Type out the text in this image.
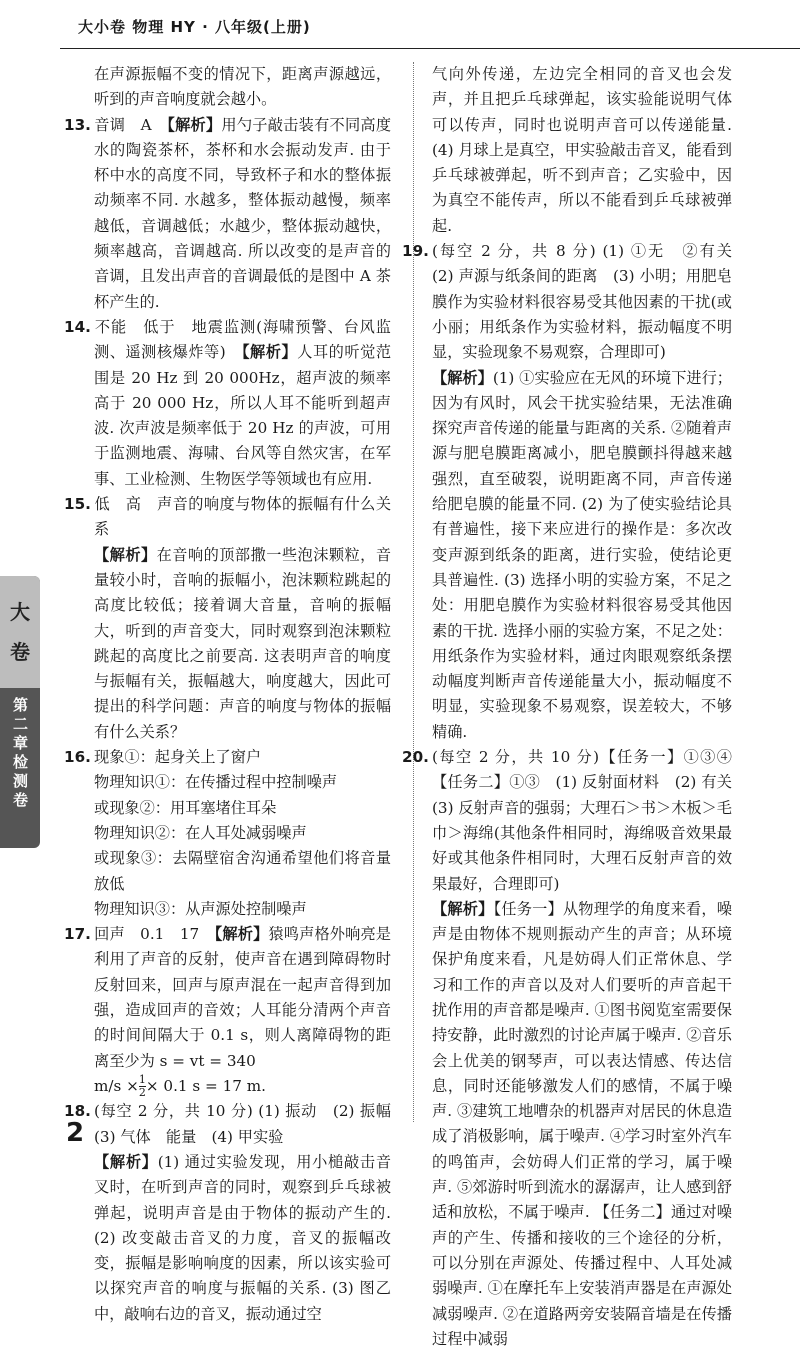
大小卷 物理 HY · 八年级(上册)
大
卷
第二章检测卷

在声源振幅不变的情况下，距离声源越远，听到的声音响度就会越小。

13. 音调　A　【解析】用勺子敲击装有不同高度水的陶瓷茶杯，茶杯和水会振动发声. 由于杯中水的高度不同，导致杯子和水的整体振动频率不同. 水越多，整体振动越慢，频率越低，音调越低；水越少，整体振动越快，频率越高，音调越高. 所以改变的是声音的音调，且发出声音的音调最低的是图中 A 茶杯产生的.

14. 不能　低于　地震监测(海啸预警、台风监测、遥测核爆炸等)　【解析】人耳的听觉范围是 20 Hz 到 20 000Hz，超声波的频率高于 20 000 Hz，所以人耳不能听到超声波. 次声波是频率低于 20 Hz 的声波，可用于监测地震、海啸、台风等自然灾害，在军事、工业检测、生物医学等领域也有应用.

15. 低　高　声音的响度与物体的振幅有什么关系
【解析】在音响的顶部撒一些泡沫颗粒，音量较小时，音响的振幅小，泡沫颗粒跳起的高度比较低；接着调大音量，音响的振幅大，听到的声音变大，同时观察到泡沫颗粒跳起的高度比之前要高. 这表明声音的响度与振幅有关，振幅越大，响度越大，因此可提出的科学问题：声音的响度与物体的振幅有什么关系？

16. 现象①：起身关上了窗户
物理知识①：在传播过程中控制噪声
或现象②：用耳塞堵住耳朵
物理知识②：在人耳处减弱噪声
或现象③：去隔壁宿舍沟通希望他们将音量放低
物理知识③：从声源处控制噪声

17. 回声　0.1　17　【解析】猿鸣声格外响亮是利用了声音的反射，使声音在遇到障碍物时反射回来，回声与原声混在一起声音得到加强，造成回声的音效；人耳能分清两个声音的时间间隔大于 0.1 s，则人离障碍物的距离至少为 s = vt = 340
$m/s \times \frac{1}{2} \times 0.1$ s = 17 m.

18. (每空 2 分，共 10 分) (1) 振动　(2) 振幅　(3) 气体　能量　(4) 甲实验
【解析】(1) 通过实验发现，用小槌敲击音叉时，在听到声音的同时，观察到乒乓球被弹起，说明声音是由于物体的振动产生的. (2) 改变敲击音叉的力度，音叉的振幅改变，振幅是影响响度的因素，所以该实验可以探究声音的响度与振幅的关系. (3) 图乙中，敲响右边的音叉，振动通过空

气向外传递，左边完全相同的音叉也会发声，并且把乒乓球弹起，该实验能说明气体可以传声，同时也说明声音可以传递能量. (4) 月球上是真空，甲实验敲击音叉，能看到乒乓球被弹起，听不到声音；乙实验中，因为真空不能传声，所以不能看到乒乓球被弹起.

19. (每空 2 分，共 8 分) (1) ①无　②有关　(2) 声源与纸条间的距离　(3) 小明；用肥皂膜作为实验材料很容易受其他因素的干扰(或小丽；用纸条作为实验材料，振动幅度不明显，实验现象不易观察，合理即可)
【解析】(1) ①实验应在无风的环境下进行；因为有风时，风会干扰实验结果，无法准确探究声音传递的能量与距离的关系. ②随着声源与肥皂膜距离减小，肥皂膜颤抖得越来越强烈，直至破裂，说明距离不同，声音传递给肥皂膜的能量不同. (2) 为了使实验结论具有普遍性，接下来应进行的操作是：多次改变声源到纸条的距离，进行实验，使结论更具普遍性. (3) 选择小明的实验方案，不足之处：用肥皂膜作为实验材料很容易受其他因素的干扰. 选择小丽的实验方案，不足之处：用纸条作为实验材料，通过肉眼观察纸条摆动幅度判断声音传递能量大小，振动幅度不明显，实验现象不易观察，误差较大，不够精确.

20. (每空 2 分，共 10 分)【任务一】①③④　【任务二】①③　(1) 反射面材料　(2) 有关　(3) 反射声音的强弱；大理石＞书＞木板＞毛巾＞海绵(其他条件相同时，海绵吸音效果最好或其他条件相同时，大理石反射声音的效果最好，合理即可)
【解析】【任务一】从物理学的角度来看，噪声是由物体不规则振动产生的声音；从环境保护角度来看，凡是妨碍人们正常休息、学习和工作的声音以及对人们要听的声音起干扰作用的声音都是噪声. ①图书阅览室需要保持安静，此时激烈的讨论声属于噪声. ②音乐会上优美的钢琴声，可以表达情感、传达信息，同时还能够激发人们的感情，不属于噪声. ③建筑工地嘈杂的机器声对居民的休息造成了消极影响，属于噪声. ④学习时室外汽车的鸣笛声，会妨碍人们正常的学习，属于噪声. ⑤郊游时听到流水的潺潺声，让人感到舒适和放松，不属于噪声. 【任务二】通过对噪声的产生、传播和接收的三个途径的分析，可以分别在声源处、传播过程中、人耳处减弱噪声. ①在摩托车上安装消声器是在声源处减弱噪声. ②在道路两旁安装隔音墙是在传播过程中减弱

2
